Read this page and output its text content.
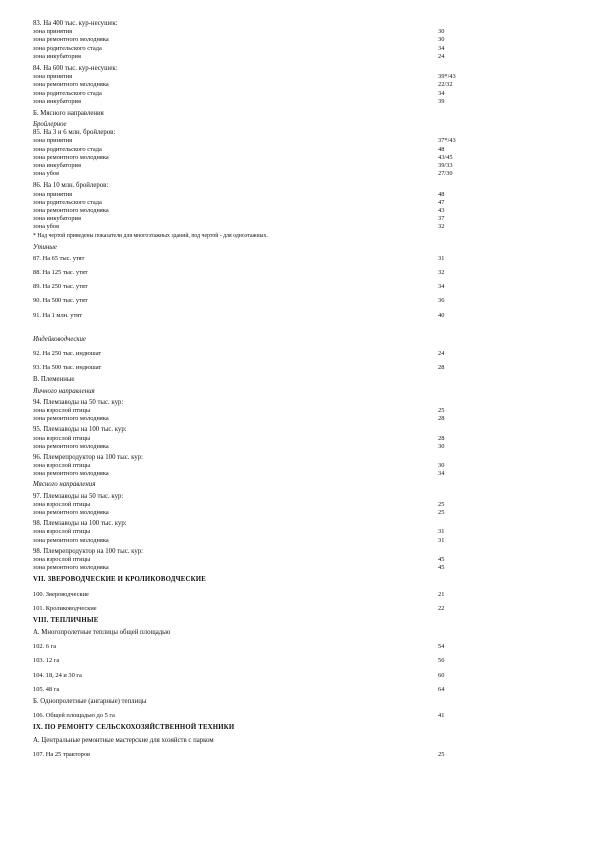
83. На 400 тыс. кур-несушек:
зона принятия	30
зона ремонтного молодняка	30
зона родительского стада	34
зона инкубатория	24
84. На 600 тыс. кур-несушек:
зона принятия	39*/43
зона ремонтного молодняка	22/32
зона родительского стада	34
зона инкубатория	39
Б. Мясного направления
Бройлерное
85. На 3 и 6 млн. бройлеров:
зона принятия	37*/43
зона родительского стада	48
зона ремонтного молодняка	43/45
зона инкубатория	39/33
зона убоя	27/30
86. На 10 млн. бройлеров:
зона принятия	48
зона родительского стада	47
зона ремонтного молодняка	43
зона инкубатория	37
зона убоя	32
* Над чертой приведены показатели для многоэтажных зданий, под чертой - для одноэтажных.
Утиные
87. На 65 тыс. утят	31
88. На 125 тыс. утят	32
89. На 250 тыс. утят	34
90. На 500 тыс. утят	36
91. На 1 млн. утят	40
Индейководческие
92. На 250 тыс. индюшат	24
93. На 500 тыс. индюшат	28
В. Племенные
Яичного направления
94. Племзаводы на 50 тыс. кур:
зона взрослой птицы	25
зона ремонтного молодняка	28
95. Племзаводы на 100 тыс. кур:
зона взрослой птицы	28
зона ремонтного молодняка	30
96. Племрепродуктор на 100 тыс. кур:
зона взрослой птицы	30
зона ремонтного молодняка	34
Мясного направления
97. Племзаводы на 50 тыс. кур:
зона взрослой птицы	25
зона ремонтного молодняка	25
98. Племзаводы на 100 тыс. кур:
зона взрослой птицы	31
зона ремонтного молодняка	31
98. Племрепродуктор на 100 тыс. кур:
зона взрослой птицы	45
зона ремонтного молодняка	45
VII. ЗВЕРОВОДЧЕСКИЕ И КРОЛИКОВОДЧЕСКИЕ
100. Звероводческие	21
101. Кролиководческие	22
VIII. ТЕПЛИЧНЫЕ
А. Многопролетные теплицы общей площадью
102. 6 га	54
103. 12 га	56
104. 18, 24 и 30 га	60
105. 48 га	64
Б. Однопролетные (ангарные) теплицы
106. Общей площадью до 5 га	41
IX. ПО РЕМОНТУ СЕЛЬСКОХОЗЯЙСТВЕННОЙ ТЕХНИКИ
А. Центральные ремонтные мастерские для хозяйств с парком
107. На 25 тракторов	25
